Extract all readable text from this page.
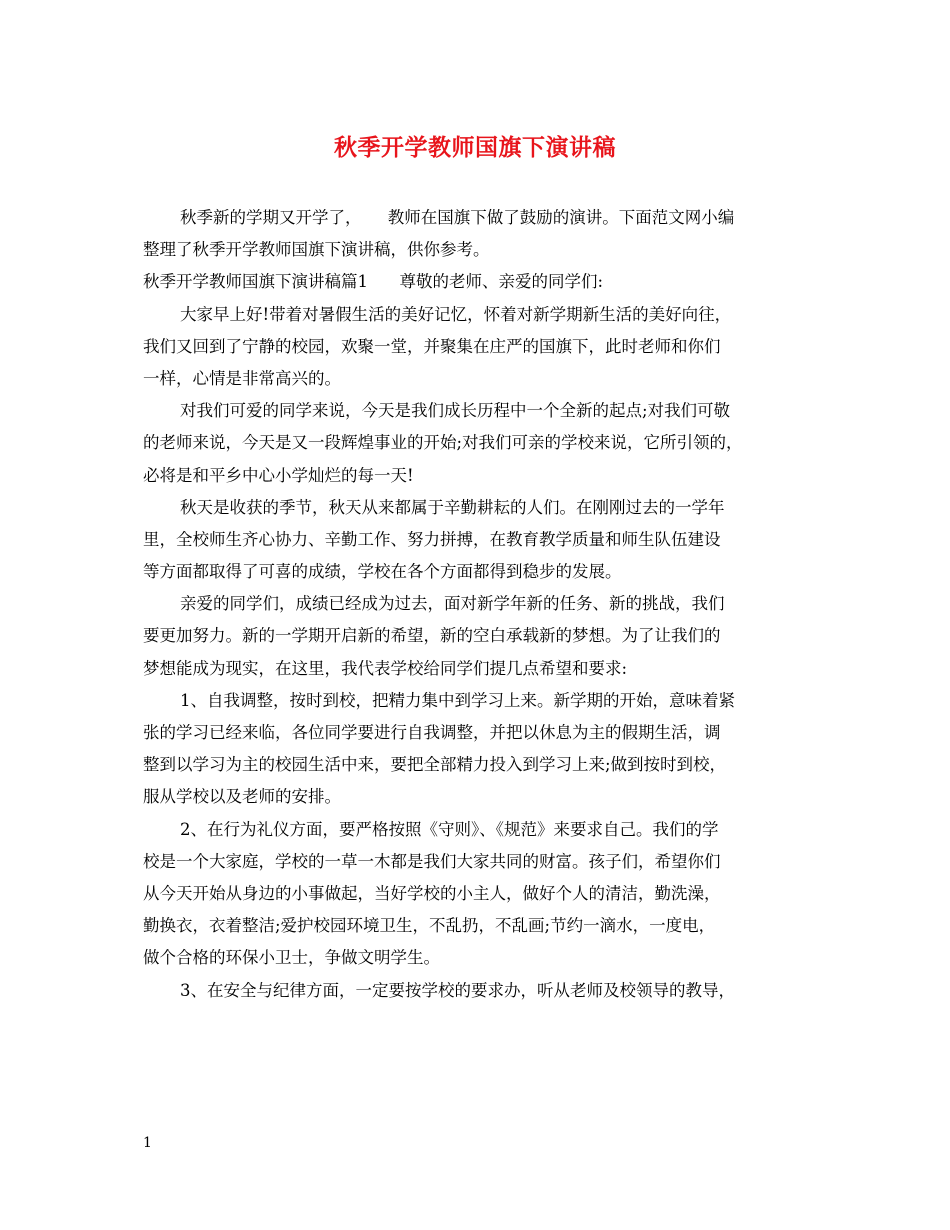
秋季开学教师国旗下演讲稿
秋季新的学期又开学了，     教师在国旗下做了鼓励的演讲。下面范文网小编
整理了秋季开学教师国旗下演讲稿，供你参考。
秋季开学教师国旗下演讲稿篇1      尊敬的老师、亲爱的同学们:
大家早上好!带着对暑假生活的美好记忆，怀着对新学期新生活的美好向往，
我们又回到了宁静的校园，欢聚一堂，并聚集在庄严的国旗下，此时老师和你们
一样，心情是非常高兴的。
对我们可爱的同学来说，今天是我们成长历程中一个全新的起点;对我们可敬
的老师来说，今天是又一段辉煌事业的开始;对我们可亲的学校来说，它所引领的，
必将是和平乡中心小学灿烂的每一天!
秋天是收获的季节，秋天从来都属于辛勤耕耘的人们。在刚刚过去的一学年
里，全校师生齐心协力、辛勤工作、努力拼搏，在教育教学质量和师生队伍建设
等方面都取得了可喜的成绩，学校在各个方面都得到稳步的发展。
亲爱的同学们，成绩已经成为过去，面对新学年新的任务、新的挑战，我们
要更加努力。新的一学期开启新的希望，新的空白承载新的梦想。为了让我们的
梦想能成为现实，在这里，我代表学校给同学们提几点希望和要求:
1、自我调整，按时到校，把精力集中到学习上来。新学期的开始，意味着紧
张的学习已经来临，各位同学要进行自我调整，并把以休息为主的假期生活，调
整到以学习为主的校园生活中来，要把全部精力投入到学习上来;做到按时到校，
服从学校以及老师的安排。
2、在行为礼仪方面，要严格按照《守则》、《规范》来要求自己。我们的学
校是一个大家庭，学校的一草一木都是我们大家共同的财富。孩子们，希望你们
从今天开始从身边的小事做起，当好学校的小主人，做好个人的清洁，勤洗澡，
勤换衣，衣着整洁;爱护校园环境卫生，不乱扔，不乱画;节约一滴水，一度电，
做个合格的环保小卫士，争做文明学生。
3、在安全与纪律方面，一定要按学校的要求办，听从老师及校领导的教导，
1
